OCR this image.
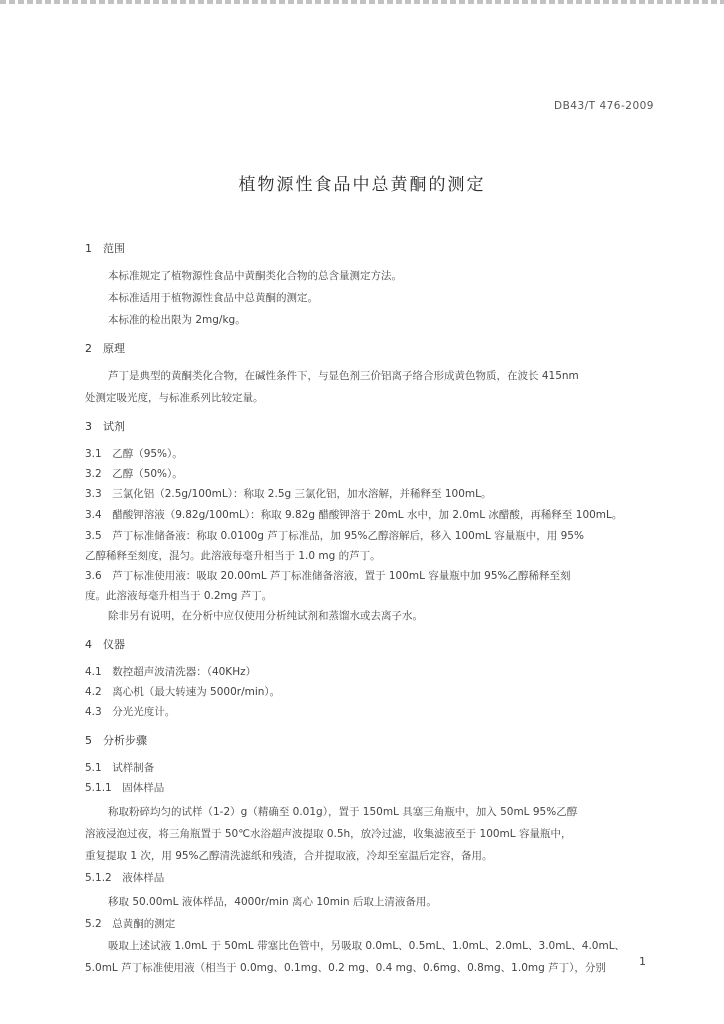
DB43/T 476-2009
植物源性食品中总黄酮的测定
1　范围
本标准规定了植物源性食品中黄酮类化合物的总含量测定方法。
本标准适用于植物源性食品中总黄酮的测定。
本标准的检出限为 2mg/kg。
2　原理
芦丁是典型的黄酮类化合物，在碱性条件下，与显色剂三价铝离子络合形成黄色物质，在波长 415nm
处测定吸光度，与标准系列比较定量。
3　试剂
3.1　乙醇（95%）。
3.2　乙醇（50%）。
3.3　三氯化铝（2.5g/100mL）：称取 2.5g 三氯化铝，加水溶解，并稀释至 100mL。
3.4　醋酸钾溶液（9.82g/100mL）：称取 9.82g 醋酸钾溶于 20mL 水中，加 2.0mL 冰醋酸，再稀释至 100mL。
3.5　芦丁标准储备液：称取 0.0100g 芦丁标准品，加 95%乙醇溶解后，移入 100mL 容量瓶中，用 95%
乙醇稀释至刻度，混匀。此溶液每毫升相当于 1.0 mg 的芦丁。
3.6　芦丁标准使用液：吸取 20.00mL 芦丁标准储备溶液，置于 100mL 容量瓶中加 95%乙醇稀释至刻
度。此溶液每毫升相当于 0.2mg 芦丁。
除非另有说明，在分析中应仅使用分析纯试剂和蒸馏水或去离子水。
4　仪器
4.1　数控超声波清洗器：（40KHz）
4.2　离心机（最大转速为 5000r/min）。
4.3　分光光度计。
5　分析步骤
5.1　试样制备
5.1.1　固体样品
称取粉碎均匀的试样（1-2）g（精确至 0.01g），置于 150mL 具塞三角瓶中，加入 50mL 95%乙醇
溶液浸泡过夜，将三角瓶置于 50℃水浴超声波提取 0.5h，放冷过滤，收集滤液至于 100mL 容量瓶中，
重复提取 1 次，用 95%乙醇清洗滤纸和残渣，合并提取液，冷却至室温后定容，备用。
5.1.2　液体样品
移取 50.00mL 液体样品，4000r/min 离心 10min 后取上清液备用。
5.2　总黄酮的测定
吸取上述试液 1.0mL 于 50mL 带塞比色管中，另吸取 0.0mL、0.5mL、1.0mL、2.0mL、3.0mL、4.0mL、
5.0mL 芦丁标准使用液（相当于 0.0mg、0.1mg、0.2 mg、0.4 mg、0.6mg、0.8mg、1.0mg 芦丁），分别	1
